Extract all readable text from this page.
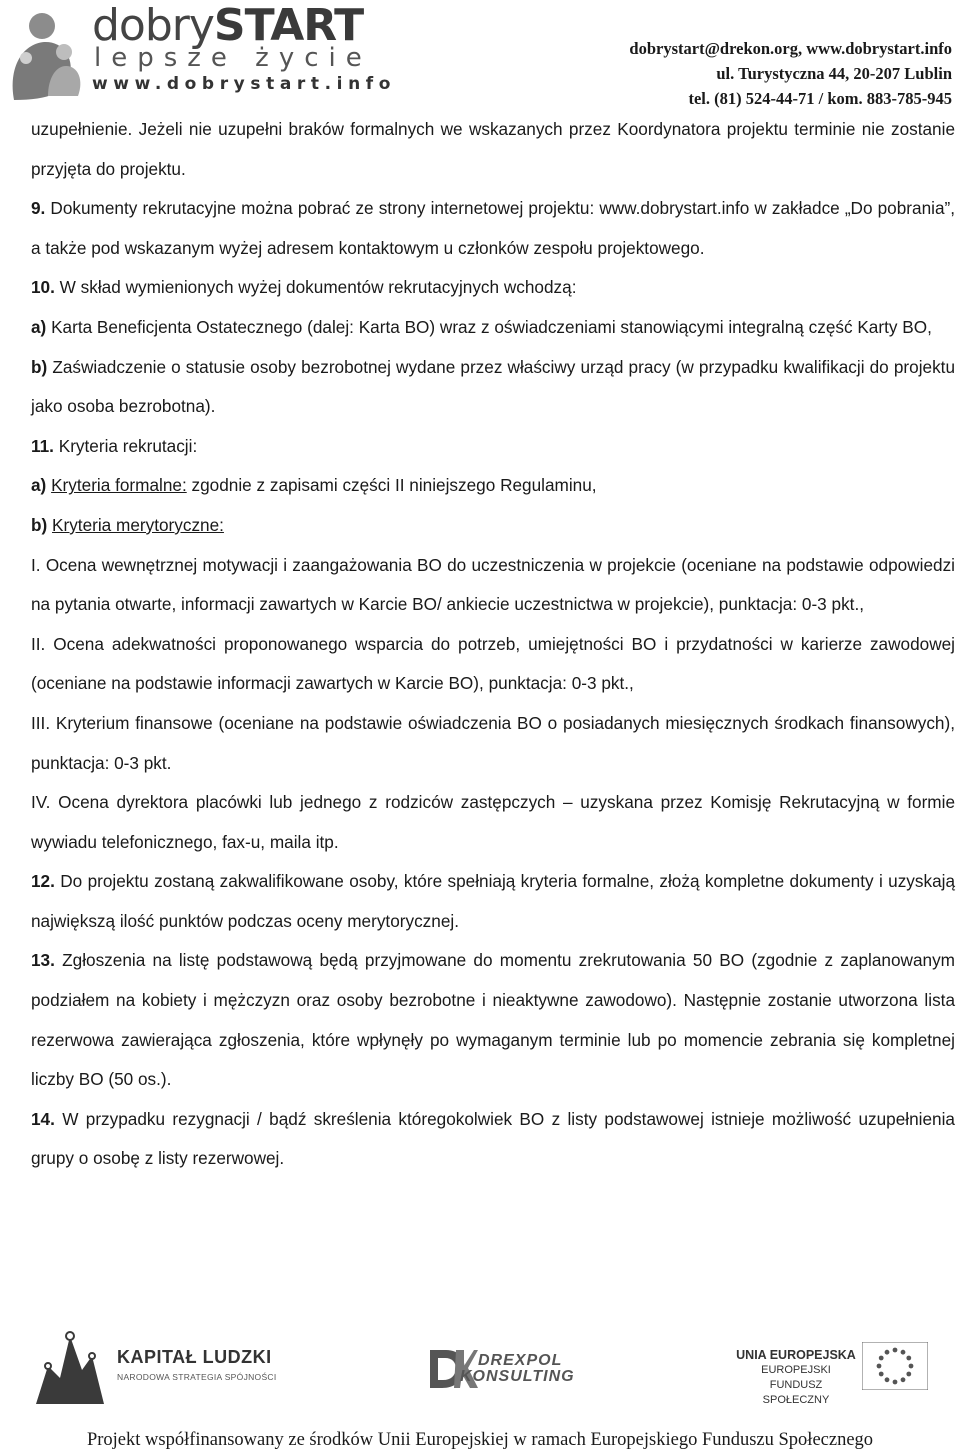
dobrySTART
lepsze życie
www.dobrystart.info
dobrystart@drekon.org, www.dobrystart.info
ul. Turystyczna 44, 20-207 Lublin
tel. (81) 524-44-71 / kom. 883-785-945

uzupełnienie. Jeżeli nie uzupełni braków formalnych we wskazanych przez Koordynatora projektu terminie nie zostanie przyjęta do projektu.

9. Dokumenty rekrutacyjne można pobrać ze strony internetowej projektu: www.dobrystart.info w zakładce „Do pobrania”, a także pod wskazanym wyżej adresem kontaktowym u członków zespołu projektowego.

10. W skład wymienionych wyżej dokumentów rekrutacyjnych wchodzą:

a) Karta Beneficjenta Ostatecznego (dalej: Karta BO) wraz z oświadczeniami stanowiącymi integralną część Karty BO,

b) Zaświadczenie o statusie osoby bezrobotnej wydane przez właściwy urząd pracy (w przypadku kwalifikacji do projektu jako osoba bezrobotna).

11. Kryteria rekrutacji:

a) Kryteria formalne: zgodnie z zapisami części II niniejszego Regulaminu,

b) Kryteria merytoryczne:

I. Ocena wewnętrznej motywacji i zaangażowania BO do uczestniczenia w projekcie (oceniane na podstawie odpowiedzi na pytania otwarte, informacji zawartych w Karcie BO/ ankiecie uczestnictwa w projekcie), punktacja: 0-3 pkt.,

II. Ocena adekwatności proponowanego wsparcia do potrzeb, umiejętności BO i przydatności w karierze zawodowej (oceniane na podstawie informacji zawartych w Karcie BO), punktacja: 0-3 pkt.,

III. Kryterium finansowe (oceniane na podstawie oświadczenia BO o posiadanych miesięcznych środkach finansowych), punktacja: 0-3 pkt.

IV. Ocena dyrektora placówki lub jednego z rodziców zastępczych – uzyskana przez Komisję Rekrutacyjną w formie wywiadu telefonicznego, fax-u, maila itp.

12. Do projektu zostaną zakwalifikowane osoby, które spełniają kryteria formalne, złożą kompletne dokumenty i uzyskają największą ilość punktów podczas oceny merytorycznej.

13. Zgłoszenia na listę podstawową będą przyjmowane do momentu zrekrutowania 50 BO (zgodnie z zaplanowanym podziałem na kobiety i mężczyzn oraz osoby bezrobotne i nieaktywne zawodowo). Następnie zostanie utworzona lista rezerwowa zawierająca zgłoszenia, które wpłynęły po wymaganym terminie lub po momencie zebrania się kompletnej liczby BO (50 os.).

14. W przypadku rezygnacji / bądź skreślenia któregokolwiek BO z listy podstawowej istnieje możliwość uzupełnienia grupy o osobę z listy rezerwowej.

KAPITAŁ LUDZKI
NARODOWA STRATEGIA SPÓJNOŚCI
DREXPOL
KONSULTING
UNIA EUROPEJSKA
EUROPEJSKI
FUNDUSZ SPOŁECZNY
Projekt współfinansowany ze środków Unii Europejskiej w ramach Europejskiego Funduszu Społecznego
